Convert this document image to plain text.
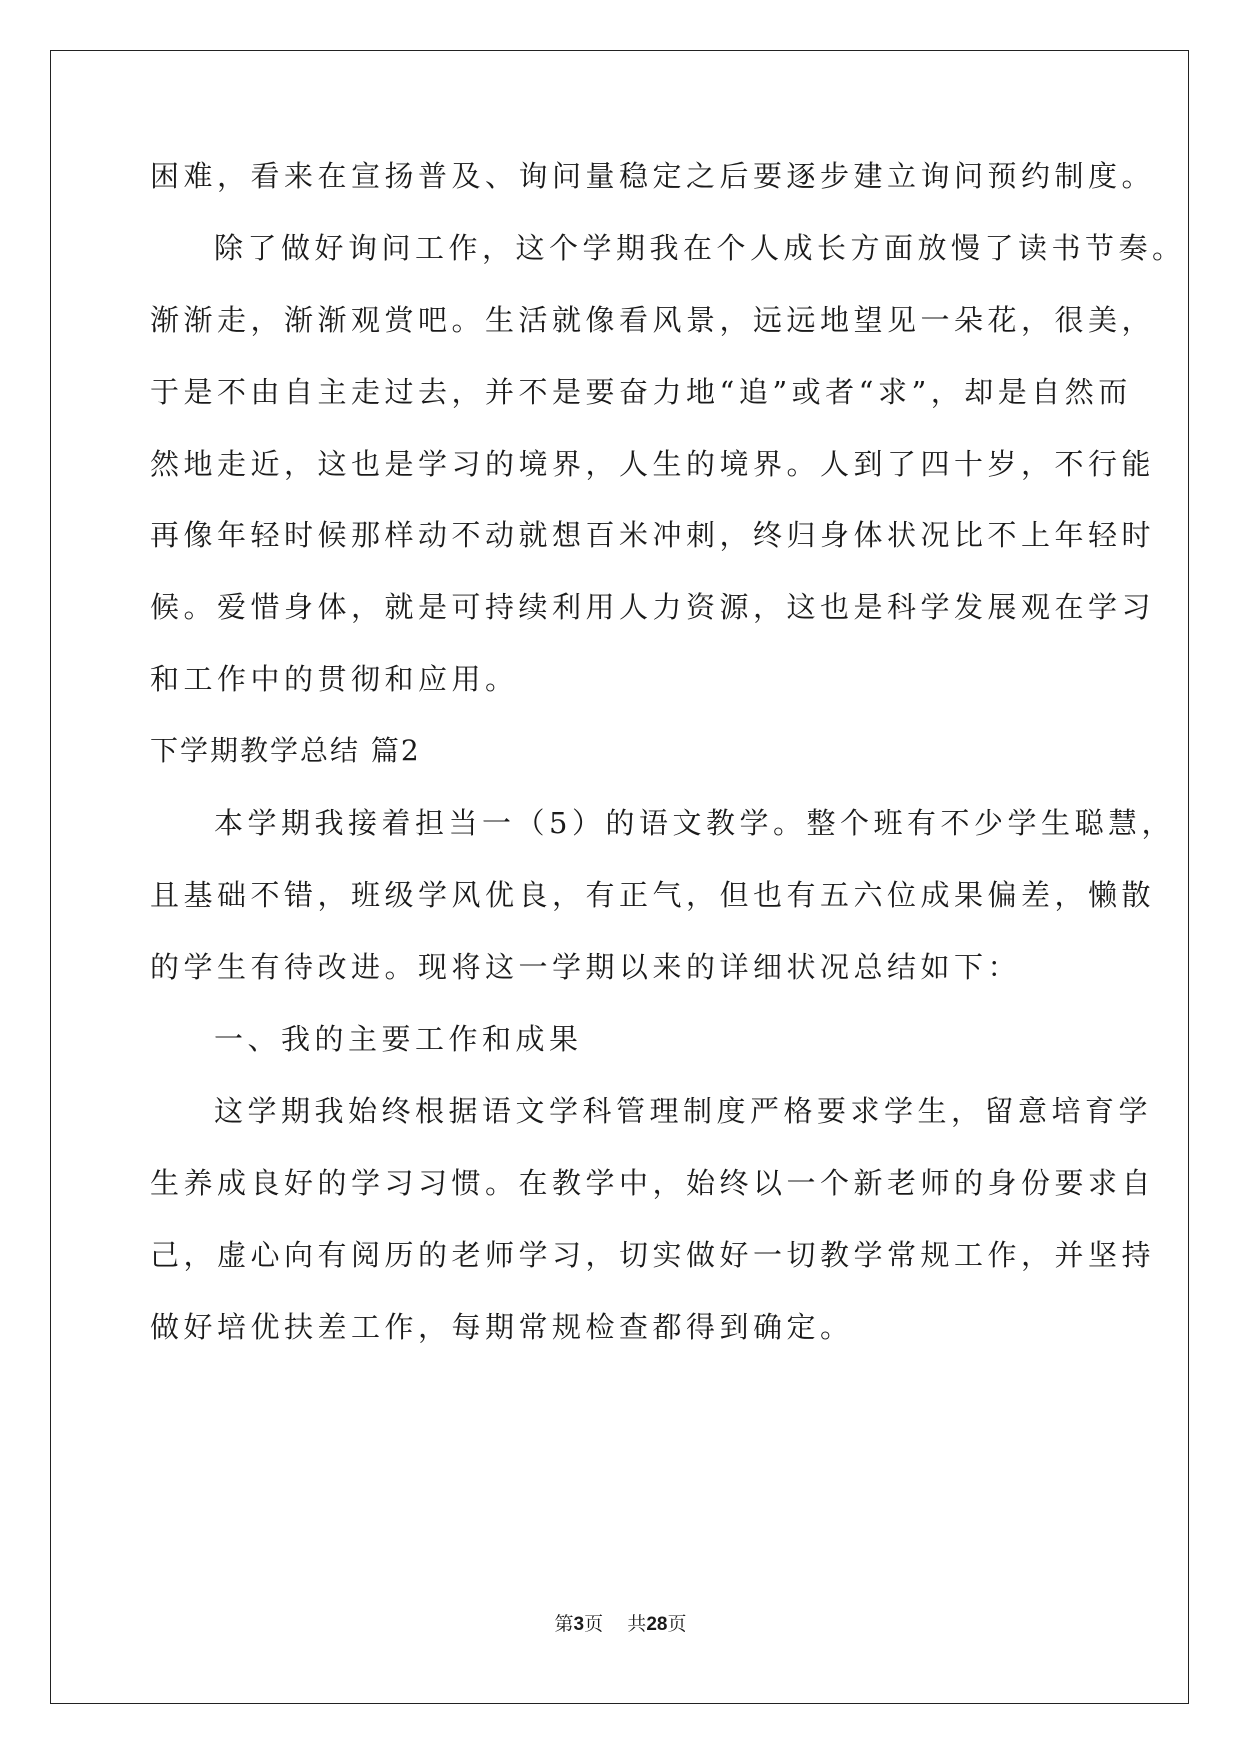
困难，看来在宣扬普及、询问量稳定之后要逐步建立询问预约制度。
除了做好询问工作，这个学期我在个人成长方面放慢了读书节奏。
渐渐走，渐渐观赏吧。生活就像看风景，远远地望见一朵花，很美，
于是不由自主走过去，并不是要奋力地“追”或者“求”，却是自然而
然地走近，这也是学习的境界，人生的境界。人到了四十岁，不行能
再像年轻时候那样动不动就想百米冲刺，终归身体状况比不上年轻时
候。爱惜身体，就是可持续利用人力资源，这也是科学发展观在学习
和工作中的贯彻和应用。
下学期教学总结 篇2
本学期我接着担当一（5）的语文教学。整个班有不少学生聪慧，
且基础不错，班级学风优良，有正气，但也有五六位成果偏差，懒散
的学生有待改进。现将这一学期以来的详细状况总结如下：
一、我的主要工作和成果
这学期我始终根据语文学科管理制度严格要求学生，留意培育学
生养成良好的学习习惯。在教学中，始终以一个新老师的身份要求自
己，虚心向有阅历的老师学习，切实做好一切教学常规工作，并坚持
做好培优扶差工作，每期常规检查都得到确定。
第3页 共28页
